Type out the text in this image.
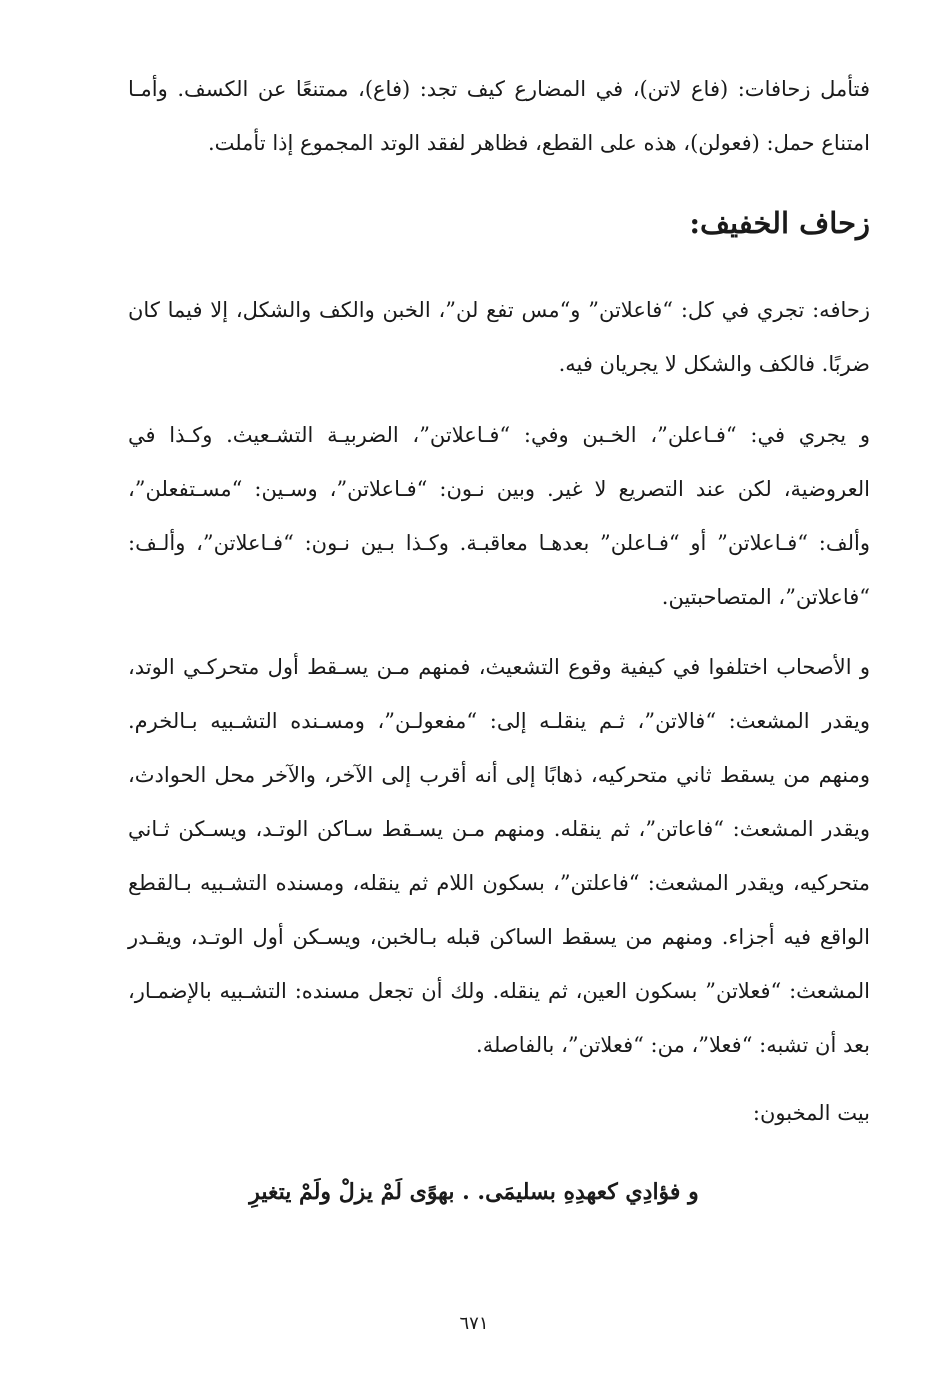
فتأمل زحافات: (فاع لاتن)، في المضارع كيف تجد: (فاع)، ممتنعًا عن الكسف. وأمـا امتناع حمل: (فعولن)، هذه على القطع، فظاهر لفقد الوتد المجموع إذا تأملت.

زحاف الخفيف:

زحافه: تجري في كل: “فاعلاتن” و“مس تفع لن”، الخبن والكف والشكل، إلا فيما كان ضربًا. فالكف والشكل لا يجريان فيه.

و يجري في: “فـاعلن”، الخـبن وفي: “فـاعلاتن”، الضربيـة التشـعيث. وكـذا في العروضية، لكن عند التصريع لا غير. وبين نـون: “فـاعلاتن”، وسـين: “مسـتفعلن”، وألف: “فـاعلاتن” أو “فـاعلن” بعدهـا معاقبـة. وكـذا بـين نـون: “فـاعلاتن”، وألـف: “فاعلاتن”، المتصاحبتين.

و الأصحاب اختلفوا في كيفية وقوع التشعيث، فمنهم مـن يسـقط أول متحركـي الوتد، ويقدر المشعث: “فالاتن”، ثـم ينقلـه إلى: “مفعولـن”، ومسـنده التشـبيه بـالخرم. ومنهم من يسقط ثاني متحركيه، ذهابًا إلى أنه أقرب إلى الآخر، والآخر محل الحوادث، ويقدر المشعث: “فاعاتن”، ثم ينقله. ومنهم مـن يسـقط سـاكن الوتـد، ويسـكن ثـاني متحركيه، ويقدر المشعث: “فاعلتن”، بسكون اللام ثم ينقله، ومسنده التشـبيه بـالقطع الواقع فيه أجزاء. ومنهم من يسقط الساكن قبله بـالخبن، ويسـكن أول الوتـد، ويقـدر المشعث: “فعلاتن” بسكون العين، ثم ينقله. ولك أن تجعل مسنده: التشـبيه بالإضمـار، بعد أن تشبه: “فعلا”، من: “فعلاتن”، بالفاصلة.

بيت المخبون:

و فؤادِي كعهدِهِ بسليمَى. . بهوًى لَمْ يزلْ ولَمْ يتغيرِ

٦٧١
